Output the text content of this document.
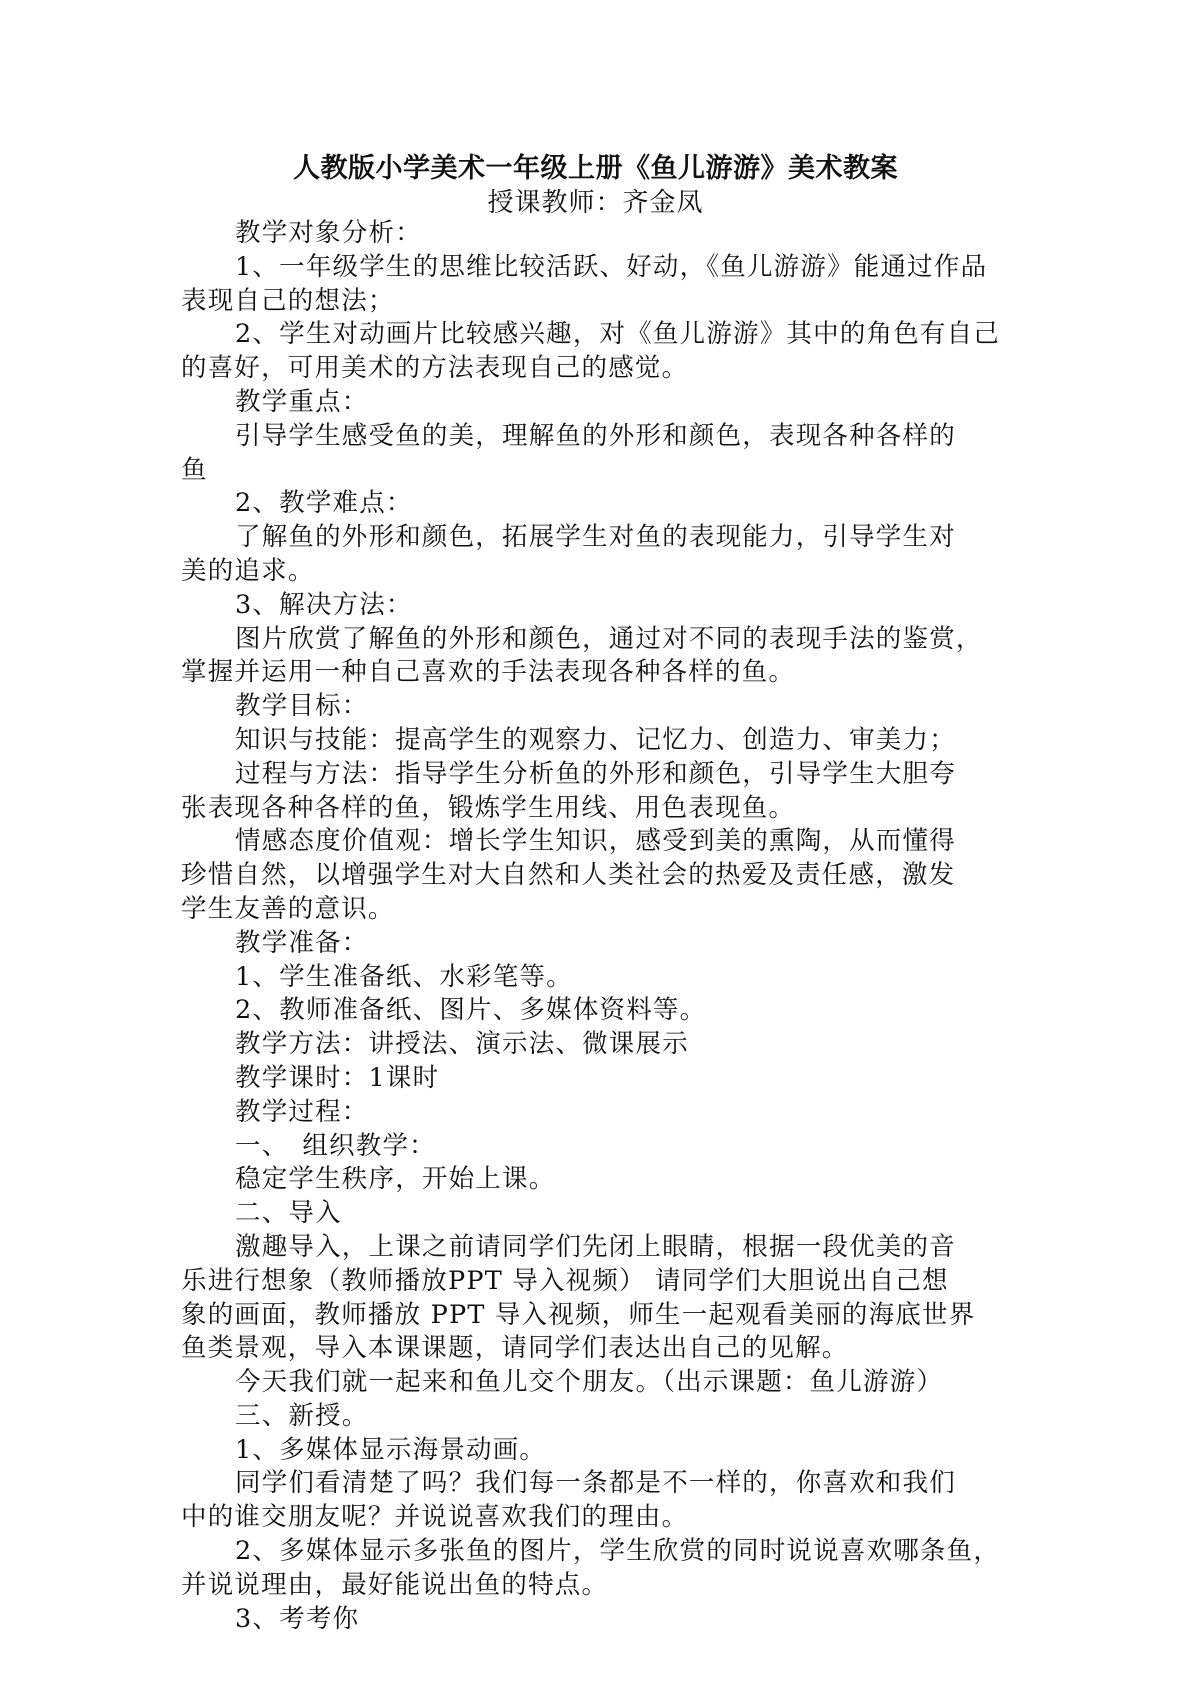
人教版小学美术一年级上册《鱼儿游游》美术教案
授课教师：齐金凤
教学对象分析：
1、一年级学生的思维比较活跃、好动，《鱼儿游游》能通过作品
表现自己的想法；
2、学生对动画片比较感兴趣，对《鱼儿游游》其中的角色有自己
的喜好，可用美术的方法表现自己的感觉。
教学重点：
引导学生感受鱼的美，理解鱼的外形和颜色，表现各种各样的
鱼
2、教学难点：
了解鱼的外形和颜色，拓展学生对鱼的表现能力，引导学生对
美的追求。
3、解决方法：
图片欣赏了解鱼的外形和颜色，通过对不同的表现手法的鉴赏，
掌握并运用一种自己喜欢的手法表现各种各样的鱼。
教学目标：
知识与技能：提高学生的观察力、记忆力、创造力、审美力；
过程与方法：指导学生分析鱼的外形和颜色，引导学生大胆夸
张表现各种各样的鱼，锻炼学生用线、用色表现鱼。
情感态度价值观：增长学生知识，感受到美的熏陶，从而懂得
珍惜自然，以增强学生对大自然和人类社会的热爱及责任感，激发
学生友善的意识。
教学准备：
1、学生准备纸、水彩笔等。
2、教师准备纸、图片、多媒体资料等。
教学方法：讲授法、演示法、微课展示
教学课时：1课时
教学过程：
一、　组织教学：
稳定学生秩序，开始上课。
二、导入
激趣导入，上课之前请同学们先闭上眼睛，根据一段优美的音
乐进行想象（教师播放PPT 导入视频） 请同学们大胆说出自己想
象的画面，教师播放 PPT 导入视频，师生一起观看美丽的海底世界
鱼类景观，导入本课课题，请同学们表达出自己的见解。
今天我们就一起来和鱼儿交个朋友。（出示课题：鱼儿游游）
三、新授。
1、多媒体显示海景动画。
同学们看清楚了吗？我们每一条都是不一样的，你喜欢和我们
中的谁交朋友呢？并说说喜欢我们的理由。
2、多媒体显示多张鱼的图片，学生欣赏的同时说说喜欢哪条鱼，
并说说理由，最好能说出鱼的特点。
3、考考你
